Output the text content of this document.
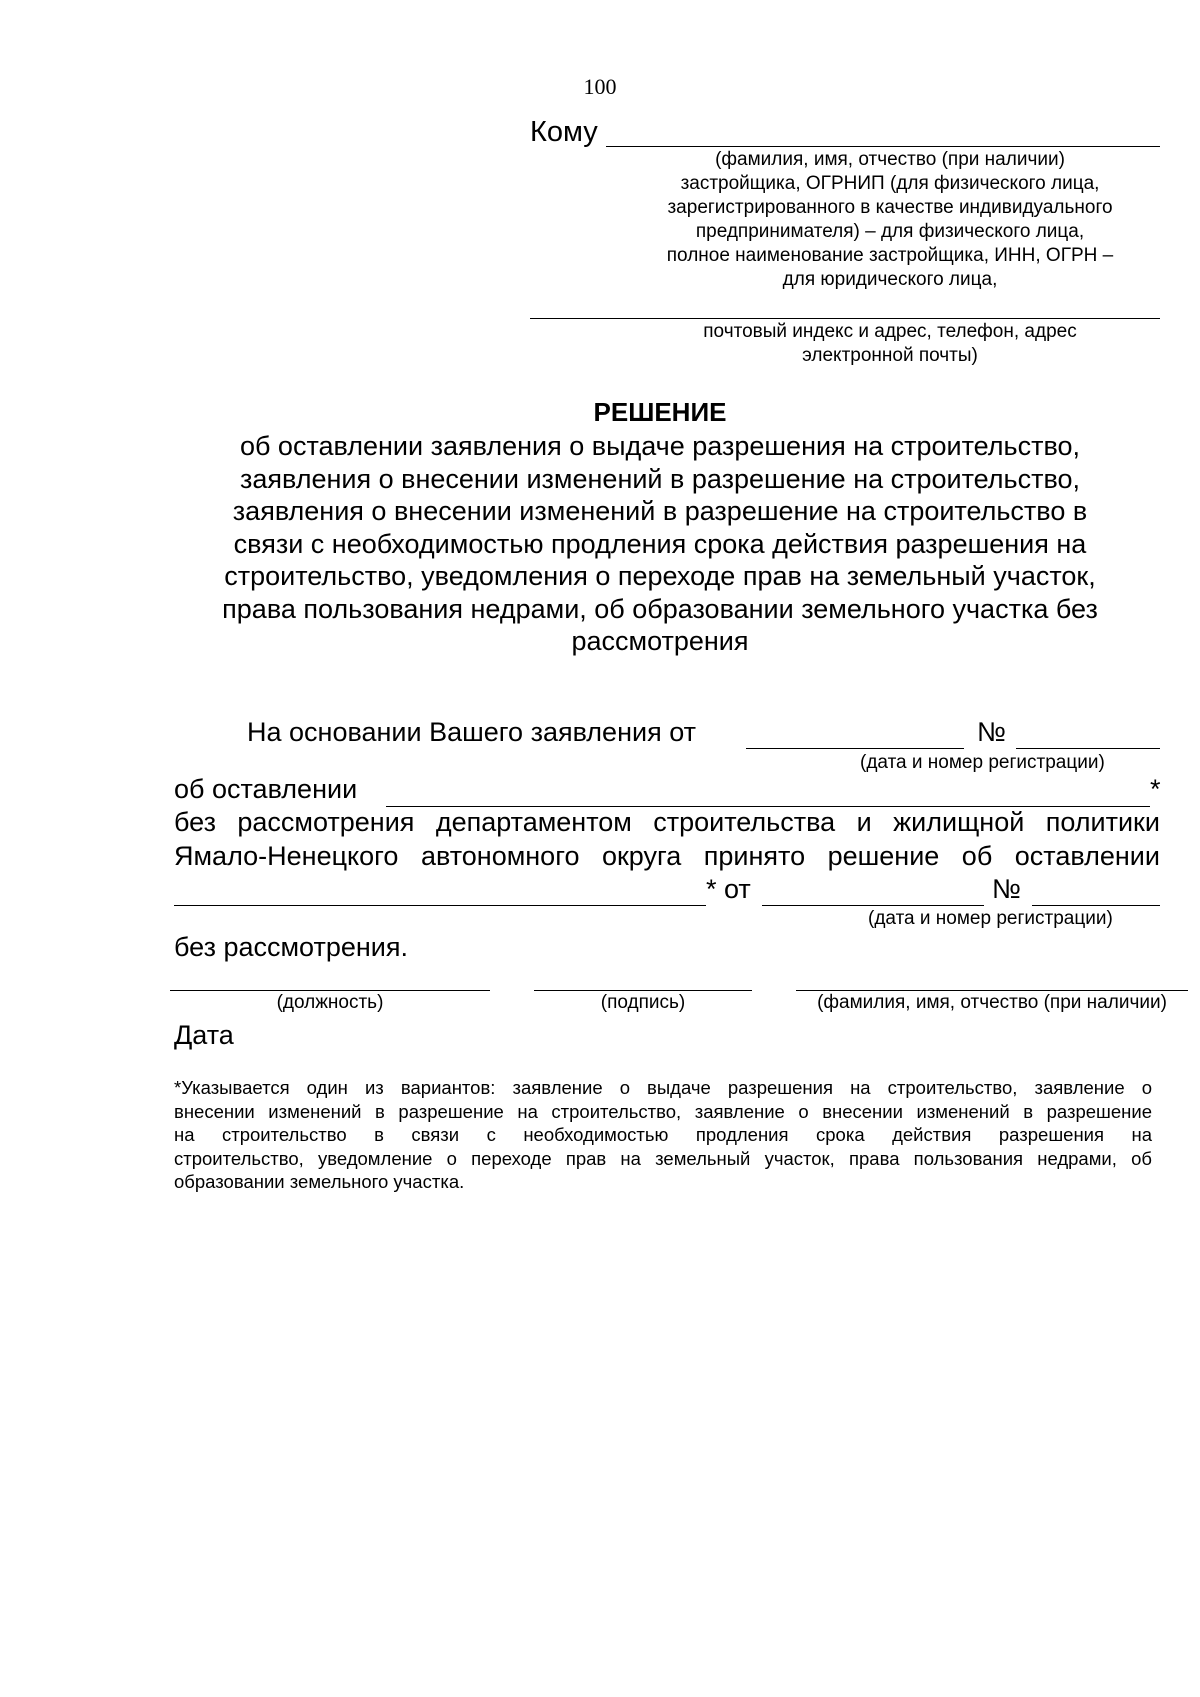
100
Кому
(фамилия, имя, отчество (при наличии)
застройщика, ОГРНИП (для физического лица,
зарегистрированного в качестве индивидуального
предпринимателя) – для физического лица,
полное наименование застройщика, ИНН, ОГРН –
для юридического лица,
почтовый индекс и адрес, телефон, адрес
электронной почты)
РЕШЕНИЕ
об оставлении заявления о выдаче разрешения на строительство,
заявления о внесении изменений в разрешение на строительство,
заявления о внесении изменений в разрешение на строительство в
связи с необходимостью продления срока действия разрешения на
строительство, уведомления о переходе прав на земельный участок,
права пользования недрами, об образовании земельного участка без
рассмотрения
На основании Вашего заявления от	№
(дата и номер регистрации)
об оставлении	*
без рассмотрения департаментом строительства и жилищной политики
Ямало-Ненецкого автономного округа принято решение об оставлении
* от	№
(дата и номер регистрации)
без рассмотрения.
(должность)	(подпись)	(фамилия, имя, отчество (при наличии)
Дата
*Указывается один из вариантов: заявление о выдаче разрешения на строительство, заявление о
внесении изменений в разрешение на строительство, заявление о внесении изменений в разрешение
на строительство в связи с необходимостью продления срока действия разрешения на
строительство, уведомление о переходе прав на земельный участок, права пользования недрами, об
образовании земельного участка.
